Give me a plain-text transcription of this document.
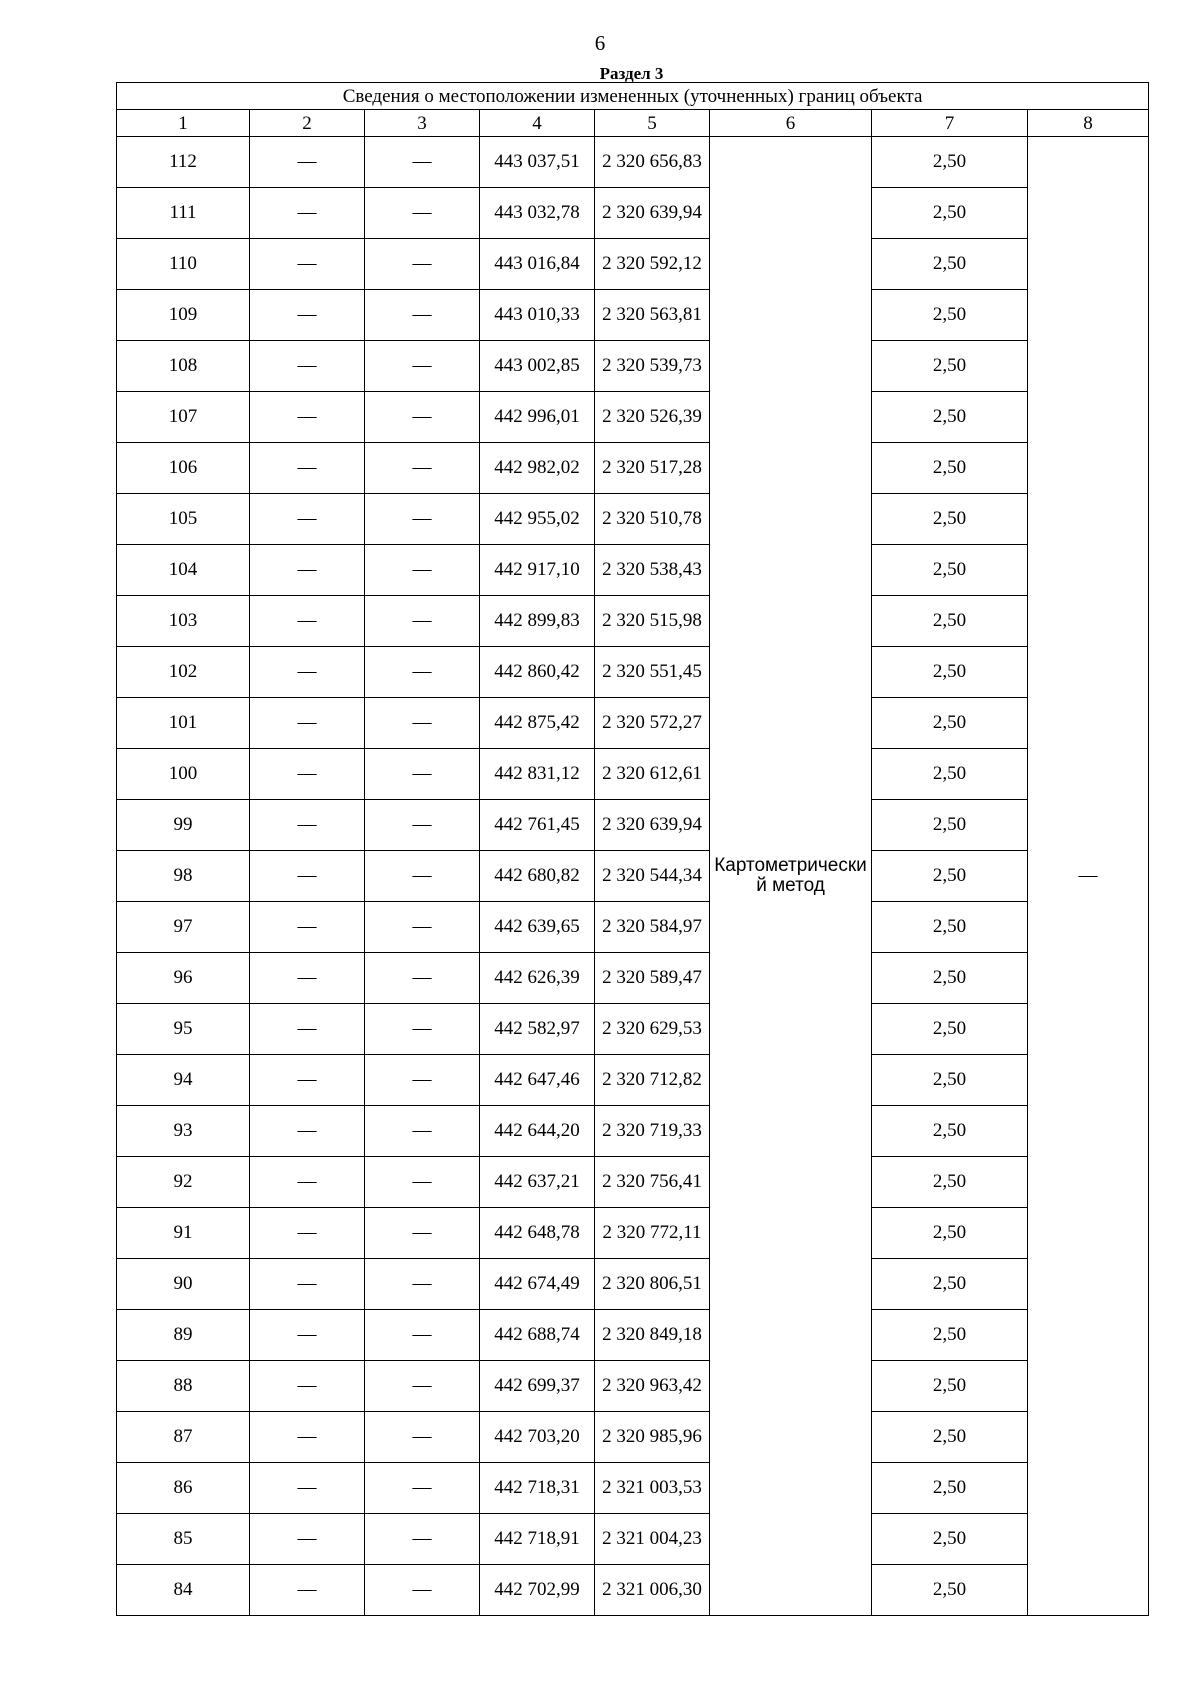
6
Раздел 3
Сведения о местоположении измененных (уточненных) границ объекта							
1	2	3	4	5	6	7	8
112	—	—	443 037,51	2 320 656,83	Картометрический метод	2,50	—
111	—	—	443 032,78	2 320 639,94		2,50	
110	—	—	443 016,84	2 320 592,12		2,50	
109	—	—	443 010,33	2 320 563,81		2,50	
108	—	—	443 002,85	2 320 539,73		2,50	
107	—	—	442 996,01	2 320 526,39		2,50	
106	—	—	442 982,02	2 320 517,28		2,50	
105	—	—	442 955,02	2 320 510,78		2,50	
104	—	—	442 917,10	2 320 538,43		2,50	
103	—	—	442 899,83	2 320 515,98		2,50	
102	—	—	442 860,42	2 320 551,45		2,50	
101	—	—	442 875,42	2 320 572,27		2,50	
100	—	—	442 831,12	2 320 612,61		2,50	
99	—	—	442 761,45	2 320 639,94		2,50	
98	—	—	442 680,82	2 320 544,34		2,50	
97	—	—	442 639,65	2 320 584,97		2,50	
96	—	—	442 626,39	2 320 589,47		2,50	
95	—	—	442 582,97	2 320 629,53		2,50	
94	—	—	442 647,46	2 320 712,82		2,50	
93	—	—	442 644,20	2 320 719,33		2,50	
92	—	—	442 637,21	2 320 756,41		2,50	
91	—	—	442 648,78	2 320 772,11		2,50	
90	—	—	442 674,49	2 320 806,51		2,50	
89	—	—	442 688,74	2 320 849,18		2,50	
88	—	—	442 699,37	2 320 963,42		2,50	
87	—	—	442 703,20	2 320 985,96		2,50	
86	—	—	442 718,31	2 321 003,53		2,50	
85	—	—	442 718,91	2 321 004,23		2,50	
84	—	—	442 702,99	2 321 006,30		2,50	
